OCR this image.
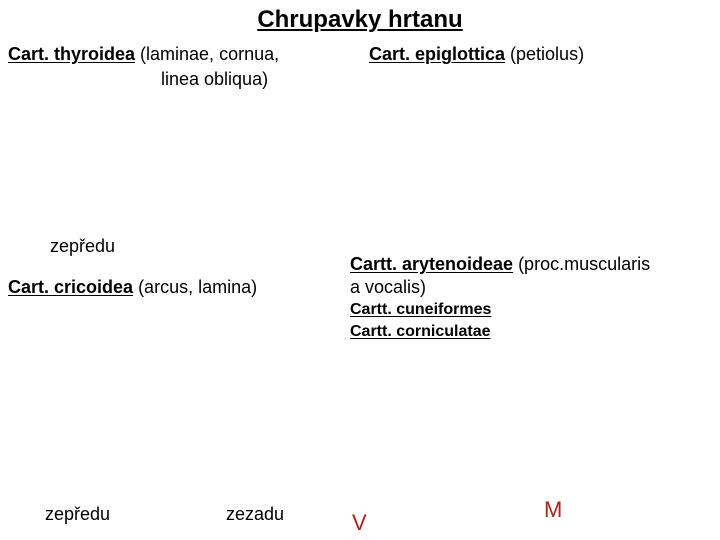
Chrupavky hrtanu
Cart. thyroidea (laminae, cornua,
linea obliqua)
Cart. epiglottica (petiolus)
zepředu
Cart. cricoidea (arcus, lamina)
Cartt. arytenoideae (proc.muscularis
a vocalis)
Cartt. cuneiformes
Cartt. corniculatae
zepředu	zezadu	V
M
